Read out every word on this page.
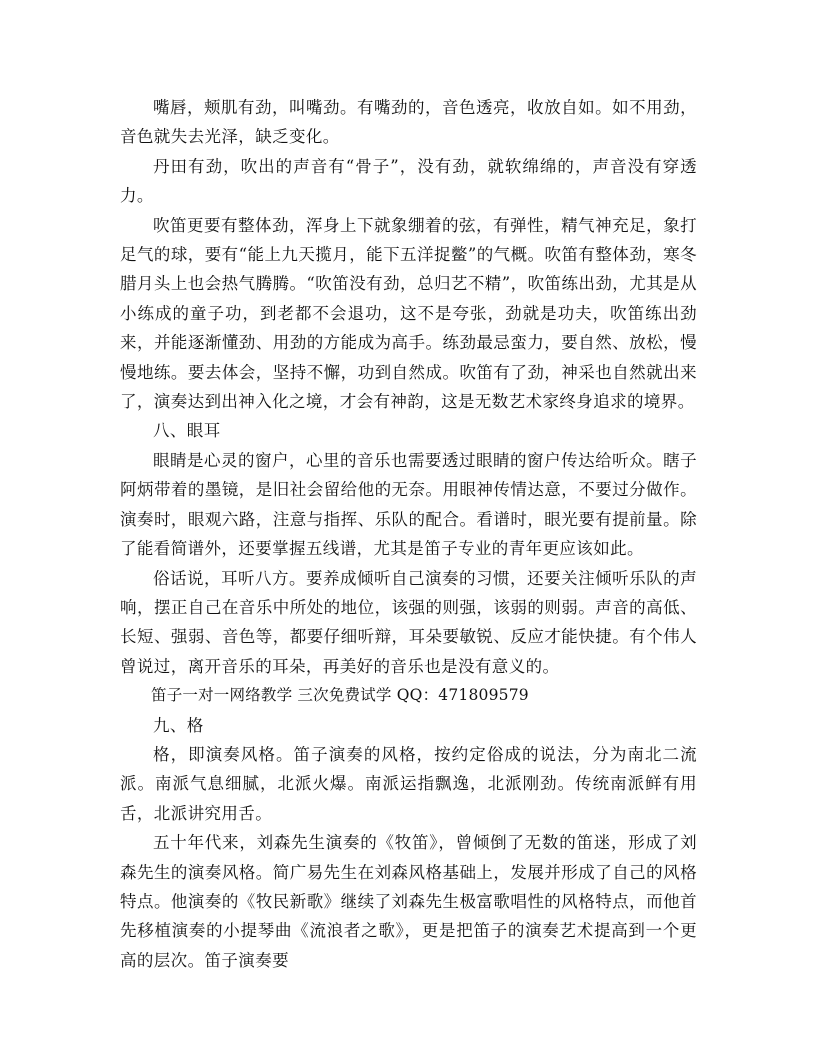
嘴唇，颊肌有劲，叫嘴劲。有嘴劲的，音色透亮，收放自如。如不用劲，音色就失去光泽，缺乏变化。

丹田有劲，吹出的声音有“骨子”，没有劲，就软绵绵的，声音没有穿透力。

吹笛更要有整体劲，浑身上下就象绷着的弦，有弹性，精气神充足，象打足气的球，要有“能上九天揽月，能下五洋捉鳖”的气概。吹笛有整体劲，寒冬腊月头上也会热气腾腾。“吹笛没有劲，总归艺不精”，吹笛练出劲，尤其是从小练成的童子功，到老都不会退功，这不是夸张，劲就是功夫，吹笛练出劲来，并能逐渐懂劲、用劲的方能成为高手。练劲最忌蛮力，要自然、放松，慢慢地练。要去体会，坚持不懈，功到自然成。吹笛有了劲，神采也自然就出来了，演奏达到出神入化之境，才会有神韵，这是无数艺术家终身追求的境界。

八、眼耳

眼睛是心灵的窗户，心里的音乐也需要透过眼睛的窗户传达给听众。瞎子阿炳带着的墨镜，是旧社会留给他的无奈。用眼神传情达意，不要过分做作。演奏时，眼观六路，注意与指挥、乐队的配合。看谱时，眼光要有提前量。除了能看简谱外，还要掌握五线谱，尤其是笛子专业的青年更应该如此。

俗话说，耳听八方。要养成倾听自己演奏的习惯，还要关注倾听乐队的声响，摆正自己在音乐中所处的地位，该强的则强，该弱的则弱。声音的高低、长短、强弱、音色等，都要仔细听辩，耳朵要敏锐、反应才能快捷。有个伟人曾说过，离开音乐的耳朵，再美好的音乐也是没有意义的。

笛子一对一网络教学 三次免费试学 QQ：471809579

九、格

格，即演奏风格。笛子演奏的风格，按约定俗成的说法，分为南北二流派。南派气息细腻，北派火爆。南派运指飘逸，北派刚劲。传统南派鲜有用舌，北派讲究用舌。

五十年代来，刘森先生演奏的《牧笛》，曾倾倒了无数的笛迷，形成了刘森先生的演奏风格。简广易先生在刘森风格基础上，发展并形成了自己的风格特点。他演奏的《牧民新歌》继续了刘森先生极富歌唱性的风格特点，而他首先移植演奏的小提琴曲《流浪者之歌》，更是把笛子的演奏艺术提高到一个更高的层次。笛子演奏要
